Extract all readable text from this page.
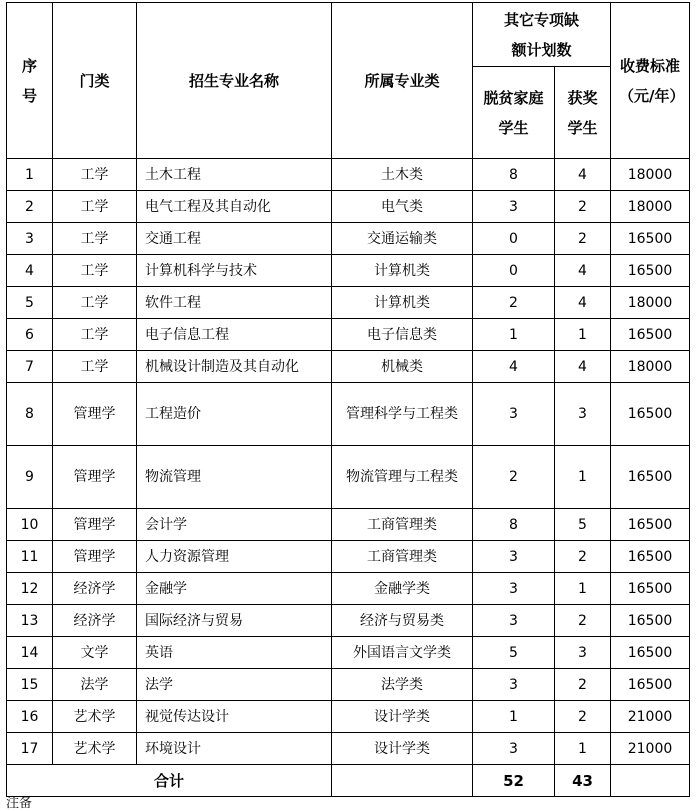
序号	门类	招生专业名称	所属专业类	其它专项缺额计划数		收费标准（元/年）
				脱贫家庭学生	获奖学生	
1	工学	土木工程	土木类	8	4	18000
2	工学	电气工程及其自动化	电气类	3	2	18000
3	工学	交通工程	交通运输类	0	2	16500
4	工学	计算机科学与技术	计算机类	0	4	16500
5	工学	软件工程	计算机类	2	4	18000
6	工学	电子信息工程	电子信息类	1	1	16500
7	工学	机械设计制造及其自动化	机械类	4	4	18000
8	管理学	工程造价	管理科学与工程类	3	3	16500
9	管理学	物流管理	物流管理与工程类	2	1	16500
10	管理学	会计学	工商管理类	8	5	16500
11	管理学	人力资源管理	工商管理类	3	2	16500
12	经济学	金融学	金融学类	3	1	16500
13	经济学	国际经济与贸易	经济与贸易类	3	2	16500
14	文学	英语	外国语言文学类	5	3	16500
15	法学	法学	法学类	3	2	16500
16	艺术学	视觉传达设计	设计学类	1	2	21000
17	艺术学	环境设计	设计学类	3	1	21000
合计				52	43	
注备
